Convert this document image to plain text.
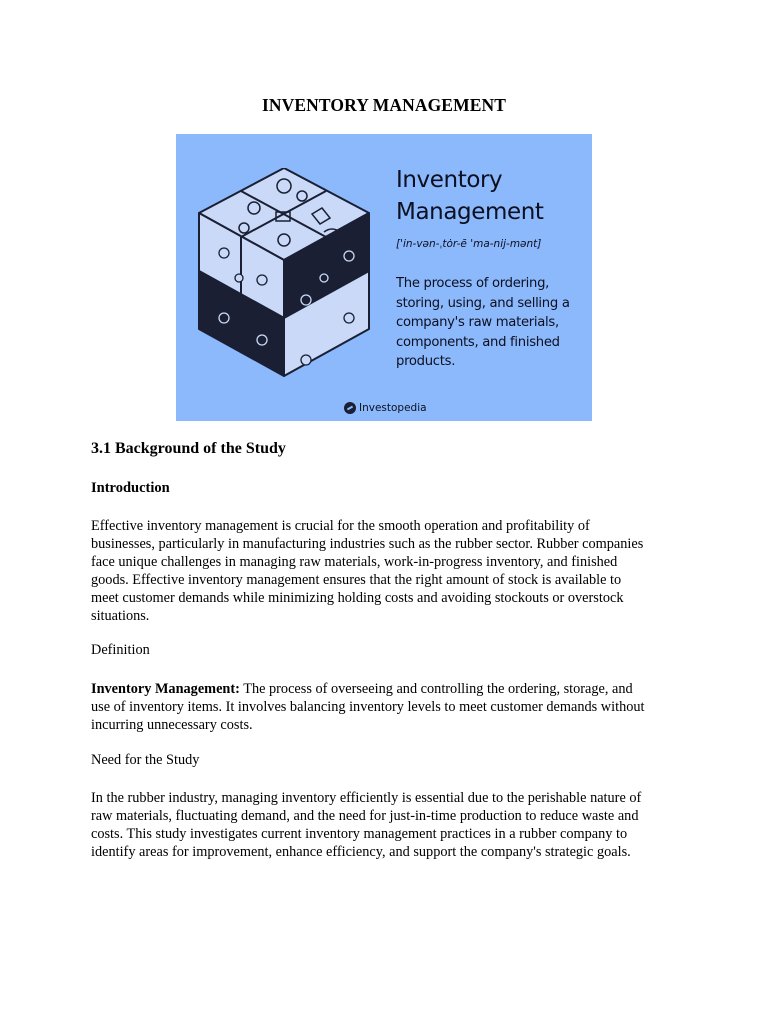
INVENTORY MANAGEMENT
Inventory
Management
['in-vən-ˌtȯr-ē 'ma-nij-mənt]
The process of ordering,
storing, using, and selling a
company's raw materials,
components, and finished
products.
Investopedia
3.1 Background of the Study
Introduction
Effective inventory management is crucial for the smooth operation and profitability of
businesses, particularly in manufacturing industries such as the rubber sector. Rubber companies
face unique challenges in managing raw materials, work-in-progress inventory, and finished
goods. Effective inventory management ensures that the right amount of stock is available to
meet customer demands while minimizing holding costs and avoiding stockouts or overstock
situations.
Definition
Inventory Management: The process of overseeing and controlling the ordering, storage, and
use of inventory items. It involves balancing inventory levels to meet customer demands without
incurring unnecessary costs.
Need for the Study
In the rubber industry, managing inventory efficiently is essential due to the perishable nature of
raw materials, fluctuating demand, and the need for just-in-time production to reduce waste and
costs. This study investigates current inventory management practices in a rubber company to
identify areas for improvement, enhance efficiency, and support the company's strategic goals.
